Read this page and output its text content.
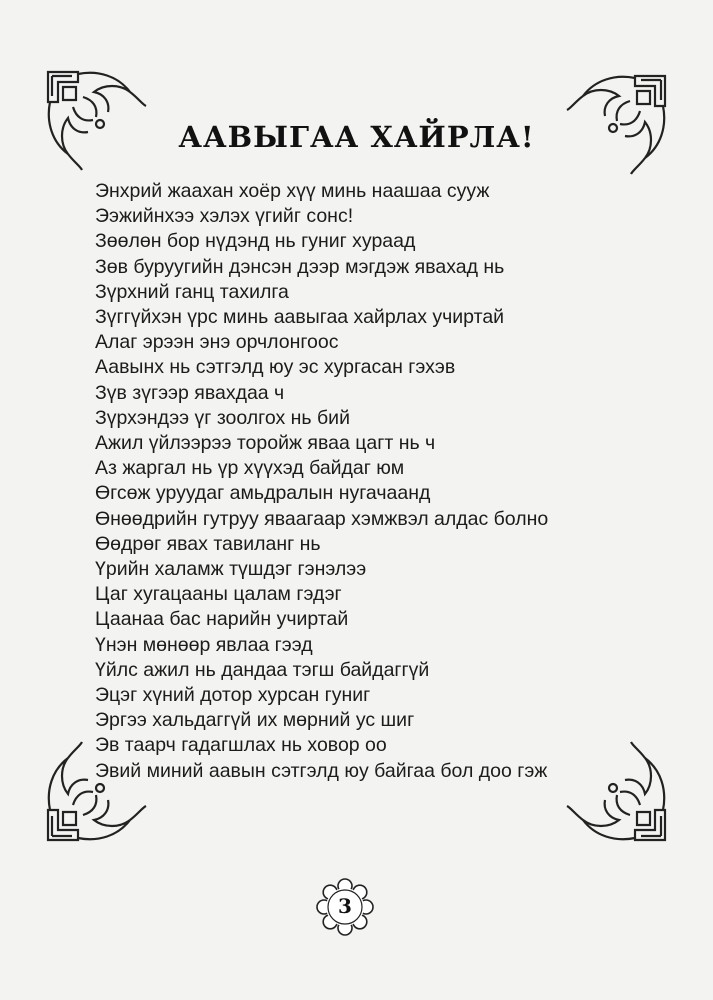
ААВЫГАА ХАЙРЛА!
Энхрий жаахан хоёр хүү минь наашаа сууж
Ээжийнхээ хэлэх үгийг сонс!
Зөөлөн бор нүдэнд нь гуниг хураад
Зөв буруугийн дэнсэн дээр мэгдэж явахад нь
Зүрхний ганц тахилга
Зүггүйхэн үрс минь аавыгаа хайрлах учиртай
Алаг эрээн энэ орчлонгоос
Аавынх нь сэтгэлд юу эс хургасан гэхэв
Зүв зүгээр явахдаа ч
Зүрхэндээ үг зоолгох нь бий
Ажил үйлээрээ торойж яваа цагт нь ч
Аз жаргал нь үр хүүхэд байдаг юм
Өгсөж уруудаг амьдралын нугачаанд
Өнөөдрийн гутруу яваагаар хэмжвэл алдас болно
Өөдрөг явах тавиланг нь
Үрийн халамж түшдэг гэнэлээ
Цаг хугацааны цалам гэдэг
Цаанаа бас нарийн учиртай
Үнэн мөнөөр явлаа гээд
Үйлс ажил нь дандаа тэгш байдаггүй
Эцэг хүний дотор хурсан гуниг
Эргээ хальдаггүй их мөрний ус шиг
Эв таарч гадагшлах нь ховор оо
Эвий миний аавын сэтгэлд юу байгаа бол доо гэж
3
